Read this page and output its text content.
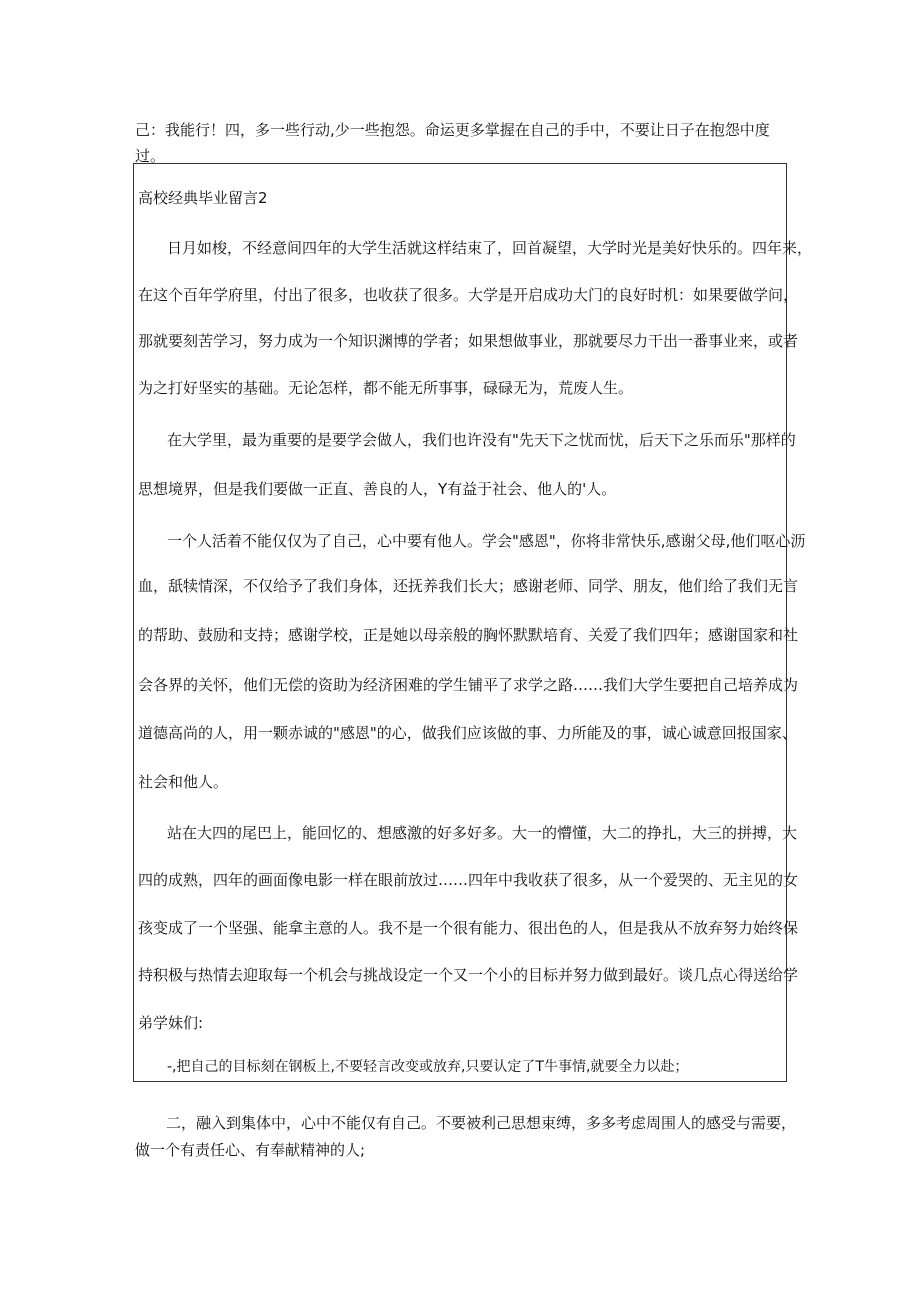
己：我能行！四，多一些行动,少一些抱怨。命运更多掌握在自己的手中，不要让日子在抱怨中度

过。

高校经典毕业留言2

日月如梭，不经意间四年的大学生活就这样结束了，回首凝望，大学时光是美好快乐的。四年来，

在这个百年学府里，付出了很多，也收获了很多。大学是开启成功大门的良好时机：如果要做学问，

那就要刻苦学习，努力成为一个知识渊博的学者；如果想做事业，那就要尽力干出一番事业来，或者

为之打好坚实的基础。无论怎样，都不能无所事事，碌碌无为，荒废人生。

在大学里，最为重要的是要学会做人，我们也许没有"先天下之忧而忧，后天下之乐而乐"那样的

思想境界，但是我们要做一正直、善良的人，Y有益于社会、他人的'人。

一个人活着不能仅仅为了自己，心中要有他人。学会"感恩"，你将非常快乐,感谢父母,他们呕心沥

血，舐犊情深，不仅给予了我们身体，还抚养我们长大；感谢老师、同学、朋友，他们给了我们无言

的帮助、鼓励和支持；感谢学校，正是她以母亲般的胸怀默默培育、关爱了我们四年；感谢国家和社

会各界的关怀，他们无偿的资助为经济困难的学生铺平了求学之路……我们大学生要把自己培养成为

道德高尚的人，用一颗赤诚的"感恩"的心，做我们应该做的事、力所能及的事，诚心诚意回报国家、

社会和他人。

站在大四的尾巴上，能回忆的、想感激的好多好多。大一的懵懂，大二的挣扎，大三的拼搏，大

四的成熟，四年的画面像电影一样在眼前放过……四年中我收获了很多，从一个爱哭的、无主见的女

孩变成了一个坚强、能拿主意的人。我不是一个很有能力、很出色的人，但是我从不放弃努力始终保

持积极与热情去迎取每一个机会与挑战设定一个又一个小的目标并努力做到最好。谈几点心得送给学

弟学妹们:

-,把自己的目标刻在钢板上,不要轻言改变或放弃,只要认定了T牛事情,就要全力以赴；

二，融入到集体中，心中不能仅有自己。不要被利己思想束缚，多多考虑周围人的感受与需要，

做一个有责任心、有奉献精神的人;
